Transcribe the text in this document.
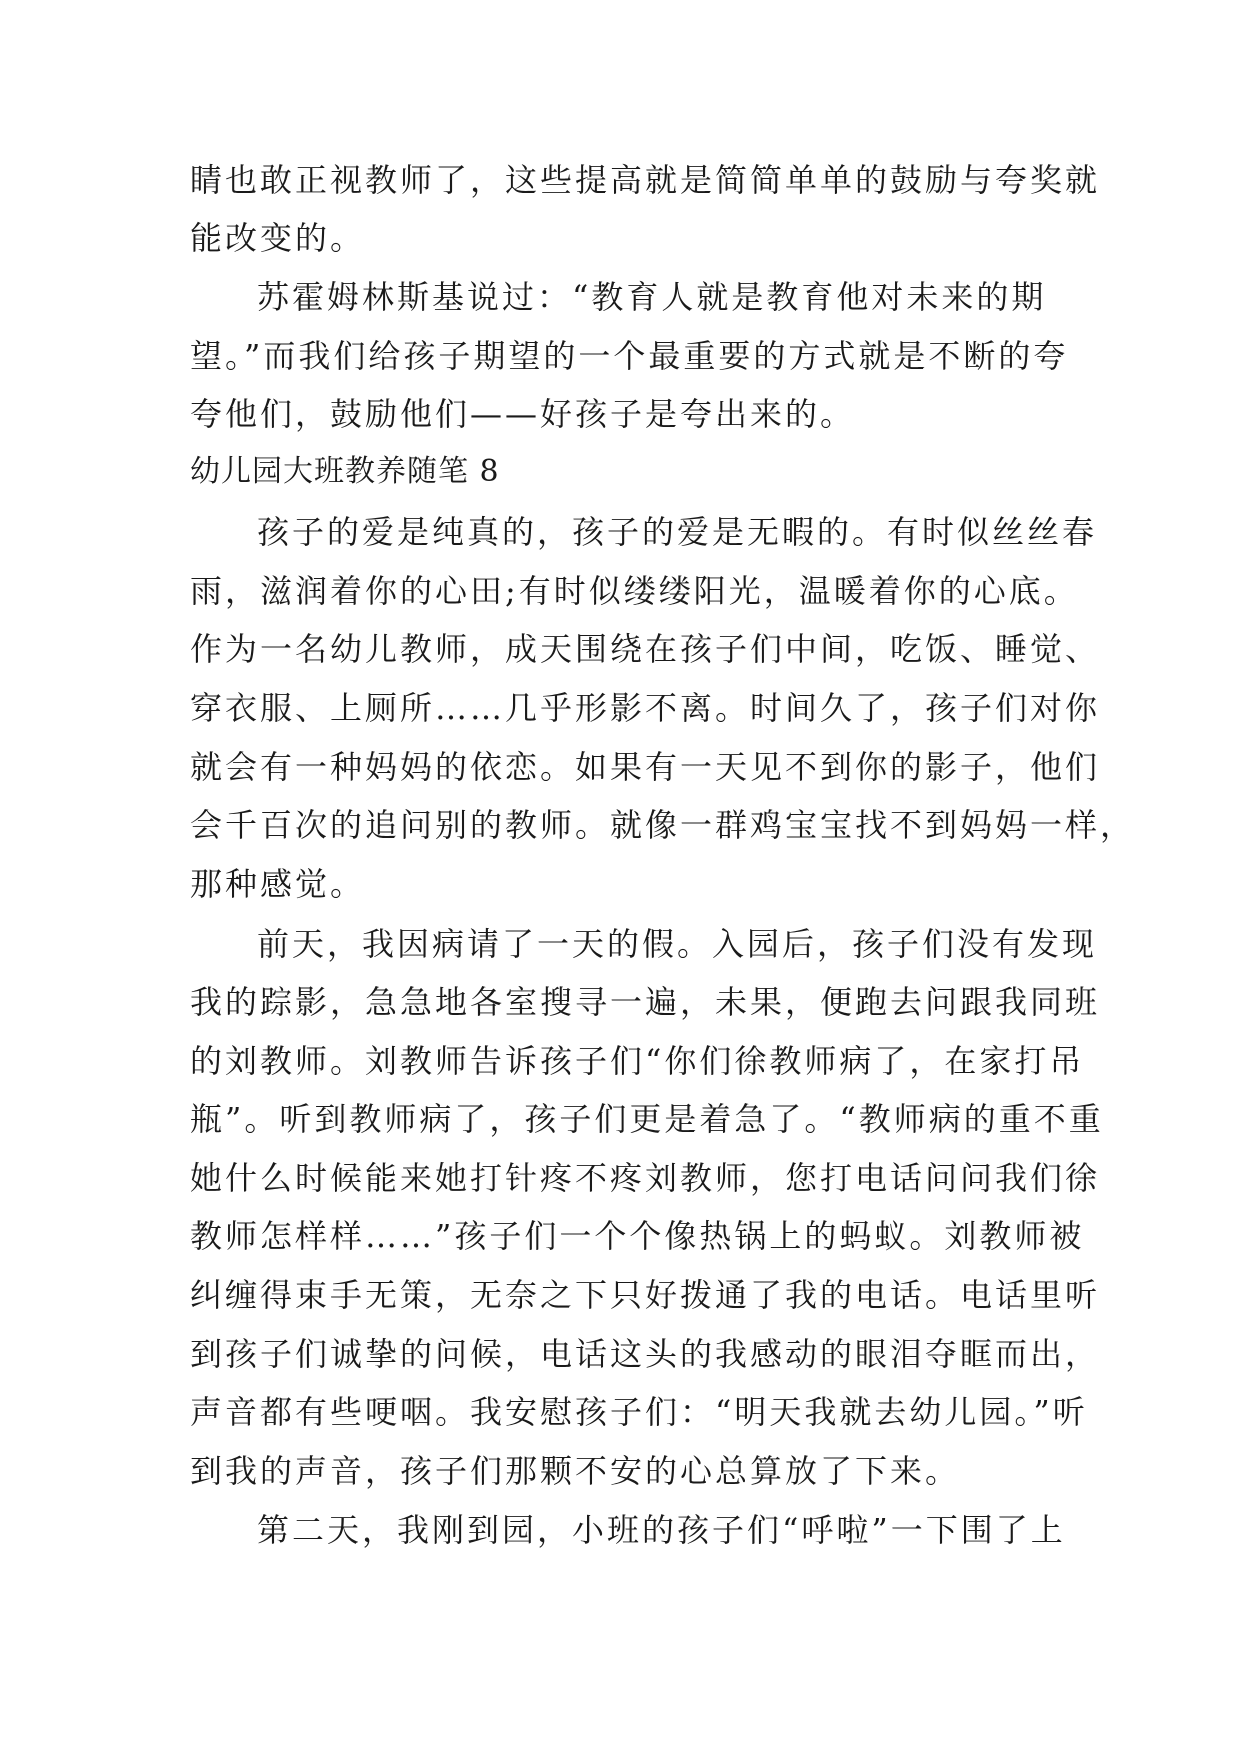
睛也敢正视教师了，这些提高就是简简单单的鼓励与夸奖就
能改变的。
苏霍姆林斯基说过：“教育人就是教育他对未来的期
望。”而我们给孩子期望的一个最重要的方式就是不断的夸
夸他们，鼓励他们——好孩子是夸出来的。
幼儿园大班教养随笔 8
孩子的爱是纯真的，孩子的爱是无暇的。有时似丝丝春
雨，滋润着你的心田;有时似缕缕阳光，温暖着你的心底。
作为一名幼儿教师，成天围绕在孩子们中间，吃饭、睡觉、
穿衣服、上厕所……几乎形影不离。时间久了，孩子们对你
就会有一种妈妈的依恋。如果有一天见不到你的影子，他们
会千百次的追问别的教师。就像一群鸡宝宝找不到妈妈一样，
那种感觉。
前天，我因病请了一天的假。入园后，孩子们没有发现
我的踪影，急急地各室搜寻一遍，未果，便跑去问跟我同班
的刘教师。刘教师告诉孩子们“你们徐教师病了，在家打吊
瓶”。听到教师病了，孩子们更是着急了。“教师病的重不重
她什么时候能来她打针疼不疼刘教师，您打电话问问我们徐
教师怎样样……”孩子们一个个像热锅上的蚂蚁。刘教师被
纠缠得束手无策，无奈之下只好拨通了我的电话。电话里听
到孩子们诚挚的问候，电话这头的我感动的眼泪夺眶而出，
声音都有些哽咽。我安慰孩子们：“明天我就去幼儿园。”听
到我的声音，孩子们那颗不安的心总算放了下来。
第二天，我刚到园，小班的孩子们“呼啦”一下围了上
